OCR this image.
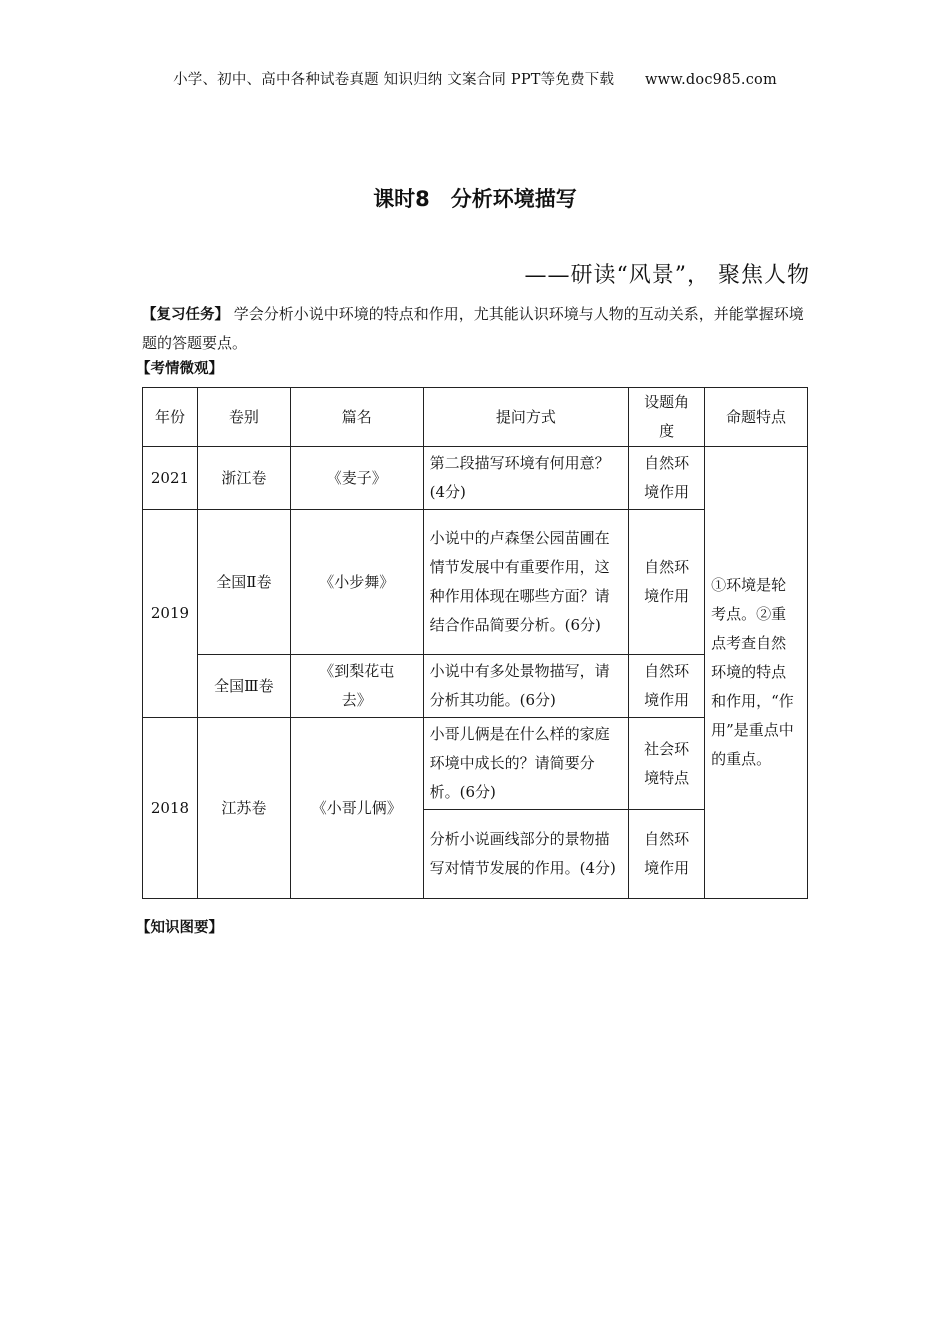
小学、初中、高中各种试卷真题 知识归纳 文案合同 PPT等免费下载 www.doc985.com
课时8　分析环境描写
——研读“风景”， 聚焦人物
【复习任务】 学会分析小说中环境的特点和作用，尤其能认识环境与人物的互动关系，并能掌握环境题的答题要点。
【考情微观】
年份	卷别	篇名	提问方式	设题角度	命题特点
2021	浙江卷	《麦子》	第二段描写环境有何用意？(4分)	自然环境作用	①环境是轮考点。②重点考查自然环境的特点和作用，“作用”是重点中的重点。
2019	全国Ⅱ卷	《小步舞》	小说中的卢森堡公园苗圃在情节发展中有重要作用，这种作用体现在哪些方面？请结合作品简要分析。(6分)	自然环境作用	
	全国Ⅲ卷	《到梨花屯去》	小说中有多处景物描写，请分析其功能。(6分)	自然环境作用	
2018	江苏卷	《小哥儿俩》	小哥儿俩是在什么样的家庭环境中成长的？请简要分析。(6分)	社会环境特点	
			分析小说画线部分的景物描写对情节发展的作用。(4分)	自然环境作用	
【知识图要】
